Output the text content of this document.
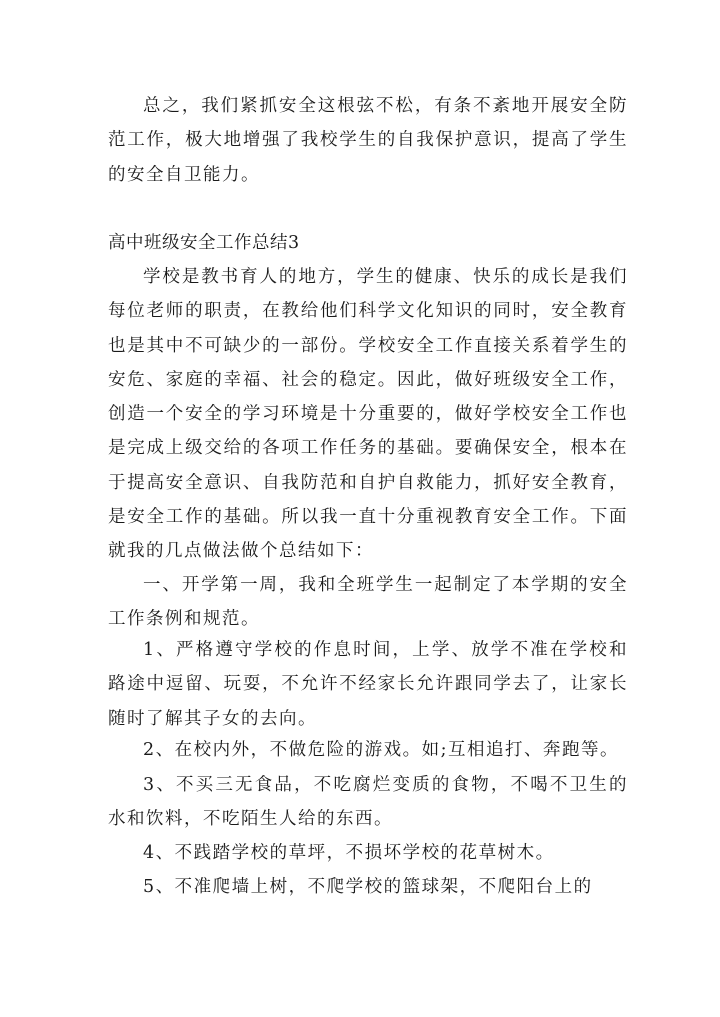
总之，我们紧抓安全这根弦不松，有条不紊地开展安全防范工作，极大地增强了我校学生的自我保护意识，提高了学生的安全自卫能力。

高中班级安全工作总结3

学校是教书育人的地方，学生的健康、快乐的成长是我们每位老师的职责，在教给他们科学文化知识的同时，安全教育也是其中不可缺少的一部份。学校安全工作直接关系着学生的安危、家庭的幸福、社会的稳定。因此，做好班级安全工作，创造一个安全的学习环境是十分重要的，做好学校安全工作也是完成上级交给的各项工作任务的基础。要确保安全，根本在于提高安全意识、自我防范和自护自救能力，抓好安全教育，是安全工作的基础。所以我一直十分重视教育安全工作。下面就我的几点做法做个总结如下：

一、开学第一周，我和全班学生一起制定了本学期的安全工作条例和规范。

1、严格遵守学校的作息时间，上学、放学不准在学校和路途中逗留、玩耍，不允许不经家长允许跟同学去了，让家长随时了解其子女的去向。

2、在校内外，不做危险的游戏。如;互相追打、奔跑等。

3、不买三无食品，不吃腐烂变质的食物，不喝不卫生的水和饮料，不吃陌生人给的东西。

4、不践踏学校的草坪，不损坏学校的花草树木。

5、不准爬墙上树，不爬学校的篮球架，不爬阳台上的
